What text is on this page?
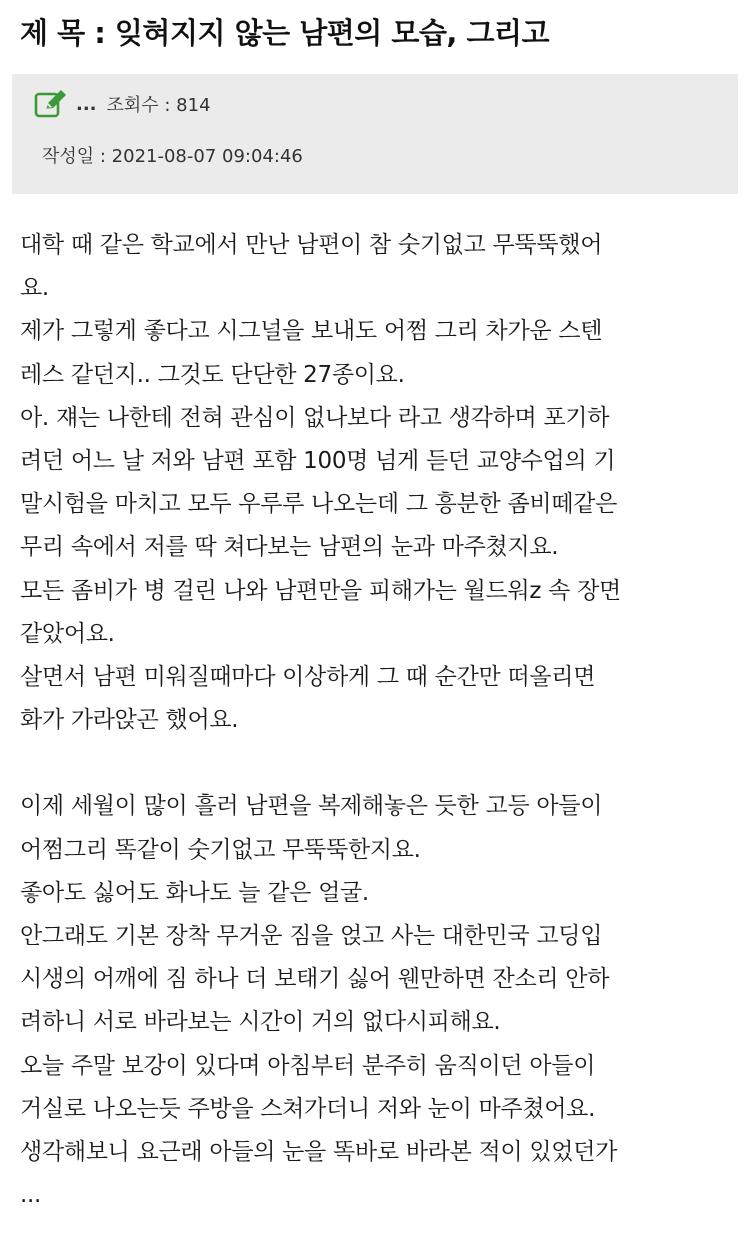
제 목 : 잊혀지지 않는 남편의 모습, 그리고
... 조회수 : 814
작성일 : 2021-08-07 09:04:46
대학 때 같은 학교에서 만난 남편이 참 숫기없고 무뚝뚝했어
요.
제가 그렇게 좋다고 시그널을 보내도 어쩜 그리 차가운 스텐
레스 같던지.. 그것도 단단한 27종이요.
아. 쟤는 나한테 전혀 관심이 없나보다 라고 생각하며 포기하
려던 어느 날 저와 남편 포함 100명 넘게 듣던 교양수업의 기
말시험을 마치고 모두 우루루 나오는데 그 흥분한 좀비떼같은
무리 속에서 저를 딱 쳐다보는 남편의 눈과 마주쳤지요.
모든 좀비가 병 걸린 나와 남편만을 피해가는 월드워z 속 장면
같았어요.
살면서 남편 미워질때마다 이상하게 그 때 순간만 떠올리면
화가 가라앉곤 했어요.
이제 세월이 많이 흘러 남편을 복제해놓은 듯한 고등 아들이
어쩜그리 똑같이 숫기없고 무뚝뚝한지요.
좋아도 싫어도 화나도 늘 같은 얼굴.
안그래도 기본 장착 무거운 짐을 얹고 사는 대한민국 고딩입
시생의 어깨에 짐 하나 더 보태기 싫어 웬만하면 잔소리 안하
려하니 서로 바라보는 시간이 거의 없다시피해요.
오늘 주말 보강이 있다며 아침부터 분주히 움직이던 아들이
거실로 나오는듯 주방을 스쳐가더니 저와 눈이 마주쳤어요.
생각해보니 요근래 아들의 눈을 똑바로 바라본 적이 있었던가
...
